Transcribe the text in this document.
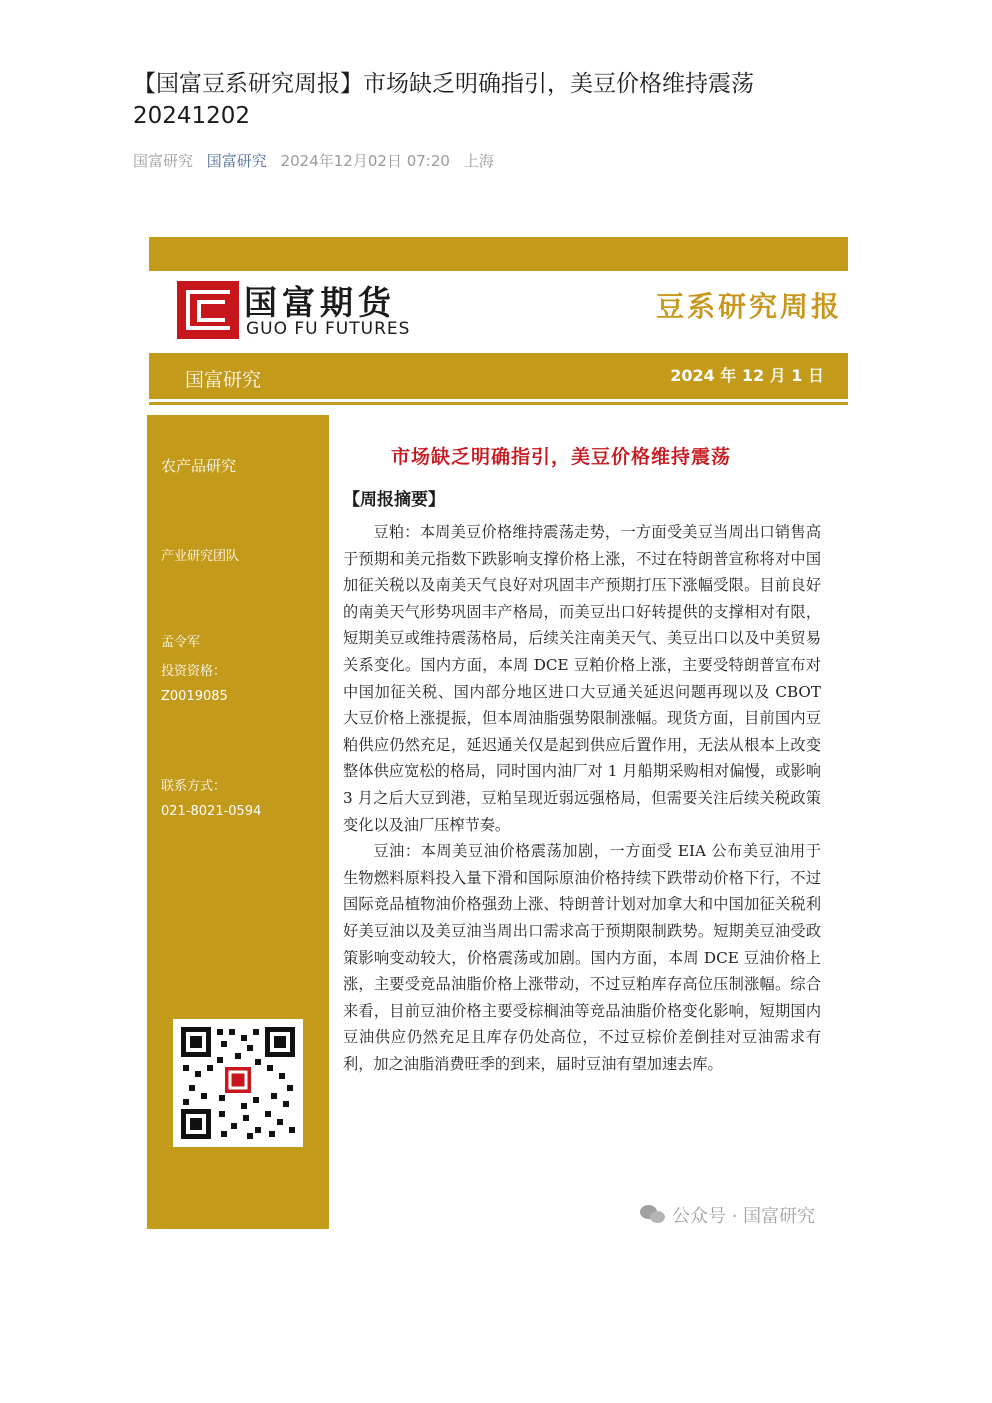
【国富豆系研究周报】市场缺乏明确指引，美豆价格维持震荡20241202
国富研究 国富研究 2024年12月02日 07:20 上海
国富期货
GUO FU FUTURES
豆系研究周报
国富研究	2024 年 12 月 1 日
农产品研究
产业研究团队
孟令军
投资资格：
Z0019085
联系方式：
021-8021-0594
市场缺乏明确指引，美豆价格维持震荡
【周报摘要】

豆粕：本周美豆价格维持震荡走势，一方面受美豆当周出口销售高于预期和美元指数下跌影响支撑价格上涨，不过在特朗普宣称将对中国加征关税以及南美天气良好对巩固丰产预期打压下涨幅受限。目前良好的南美天气形势巩固丰产格局，而美豆出口好转提供的支撑相对有限，短期美豆或维持震荡格局，后续关注南美天气、美豆出口以及中美贸易关系变化。国内方面，本周 DCE 豆粕价格上涨，主要受特朗普宣布对中国加征关税、国内部分地区进口大豆通关延迟问题再现以及 CBOT 大豆价格上涨提振，但本周油脂强势限制涨幅。现货方面，目前国内豆粕供应仍然充足，延迟通关仅是起到供应后置作用，无法从根本上改变整体供应宽松的格局，同时国内油厂对 1 月船期采购相对偏慢，或影响 3 月之后大豆到港，豆粕呈现近弱远强格局，但需要关注后续关税政策变化以及油厂压榨节奏。

豆油：本周美豆油价格震荡加剧，一方面受 EIA 公布美豆油用于生物燃料原料投入量下滑和国际原油价格持续下跌带动价格下行，不过国际竞品植物油价格强劲上涨、特朗普计划对加拿大和中国加征关税利好美豆油以及美豆油当周出口需求高于预期限制跌势。短期美豆油受政策影响变动较大，价格震荡或加剧。国内方面，本周 DCE 豆油价格上涨，主要受竞品油脂价格上涨带动，不过豆粕库存高位压制涨幅。综合来看，目前豆油价格主要受棕榈油等竞品油脂价格变化影响，短期国内豆油供应仍然充足且库存仍处高位，不过豆棕价差倒挂对豆油需求有利，加之油脂消费旺季的到来，届时豆油有望加速去库。

公众号 · 国富研究
